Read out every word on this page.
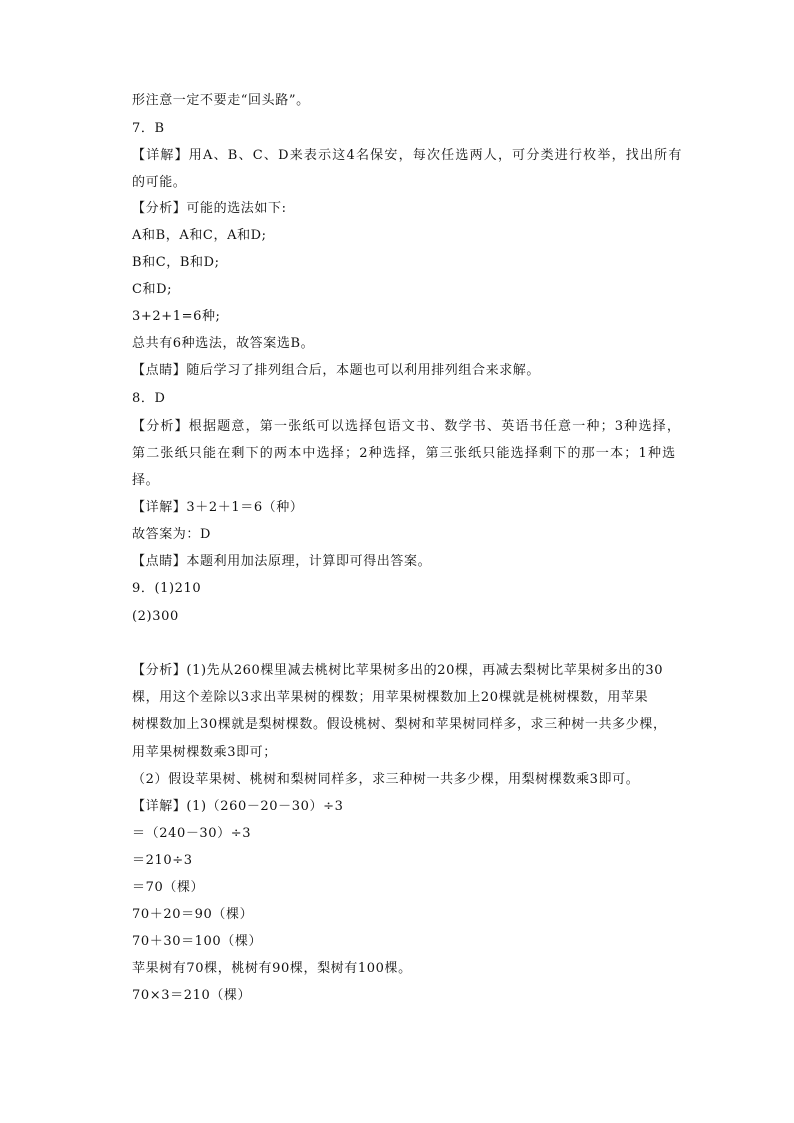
形注意一定不要走“回头路”。
7．B
【详解】用A、B、C、D来表示这4名保安，每次任选两人，可分类进行枚举，找出所有
的可能。
【分析】可能的选法如下:
A和B，A和C，A和D;
B和C，B和D;
C和D;
3+2+1=6种;
总共有6种选法，故答案选B。
【点睛】随后学习了排列组合后，本题也可以利用排列组合来求解。
8．D
【分析】根据题意，第一张纸可以选择包语文书、数学书、英语书任意一种；3种选择，
第二张纸只能在剩下的两本中选择；2种选择，第三张纸只能选择剩下的那一本；1种选
择。
【详解】3＋2＋1＝6（种）
故答案为：D
【点睛】本题利用加法原理，计算即可得出答案。
9．(1)210
(2)300
【分析】(1)先从260棵里减去桃树比苹果树多出的20棵，再减去梨树比苹果树多出的30
棵，用这个差除以3求出苹果树的棵数；用苹果树棵数加上20棵就是桃树棵数，用苹果
树棵数加上30棵就是梨树棵数。假设桃树、梨树和苹果树同样多，求三种树一共多少棵，
用苹果树棵数乘3即可；
（2）假设苹果树、桃树和梨树同样多，求三种树一共多少棵，用梨树棵数乘3即可。
【详解】(1)（260－20－30）÷3
＝（240－30）÷3
＝210÷3
＝70（棵）
70＋20＝90（棵）
70＋30＝100（棵）
苹果树有70棵，桃树有90棵，梨树有100棵。
70×3＝210（棵）
